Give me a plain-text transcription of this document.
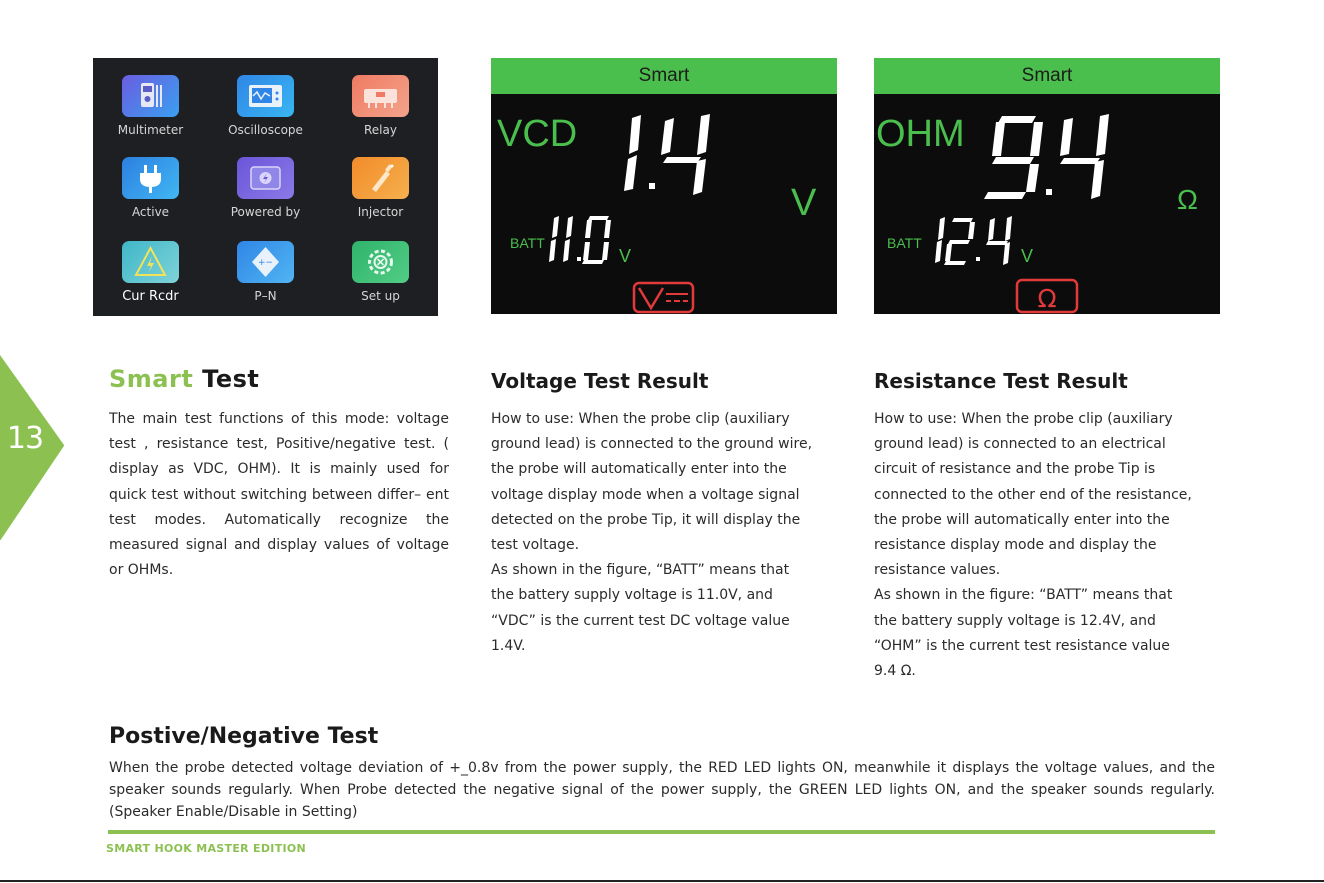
13
Multimeter	Oscilloscope	Relay
Active	Powered by	Injector
Cur Rcdr
+−
P–N	Set up
Smart
VCD
V
BATT
V
Smart
OHM
Ω
Ω
BATT
V
Smart Test

The main test functions of this mode: voltage test , resistance test, Positive/negative test. ( display as VDC, OHM). It is mainly used for quick test without switching between differ– ent test modes. Automatically recognize the measured signal and display values of voltage or OHMs.

Voltage Test Result
How to use: When the probe clip (auxiliary
ground lead) is connected to the ground wire,
the probe will automatically enter into the
voltage display mode when a voltage signal
detected on the probe Tip, it will display the
test voltage.
As shown in the figure, “BATT” means that
the battery supply voltage is 11.0V, and
“VDC” is the current test DC voltage value
1.4V.
Resistance Test Result
How to use: When the probe clip (auxiliary
ground lead) is connected to an electrical
circuit of resistance and the probe Tip is
connected to the other end of the resistance,
the probe will automatically enter into the
resistance display mode and display the
resistance values.
As shown in the figure: “BATT” means that
the battery supply voltage is 12.4V, and
“OHM” is the current test resistance value
9.4 Ω.
Postive/Negative Test

When the probe detected voltage deviation of +_0.8v from the power supply, the RED LED lights ON, meanwhile it displays the voltage values, and the speaker sounds regularly. When Probe detected the negative signal of the power supply, the GREEN LED lights ON, and the speaker sounds regularly. (Speaker Enable/Disable in Setting)

SMART HOOK MASTER EDITION
